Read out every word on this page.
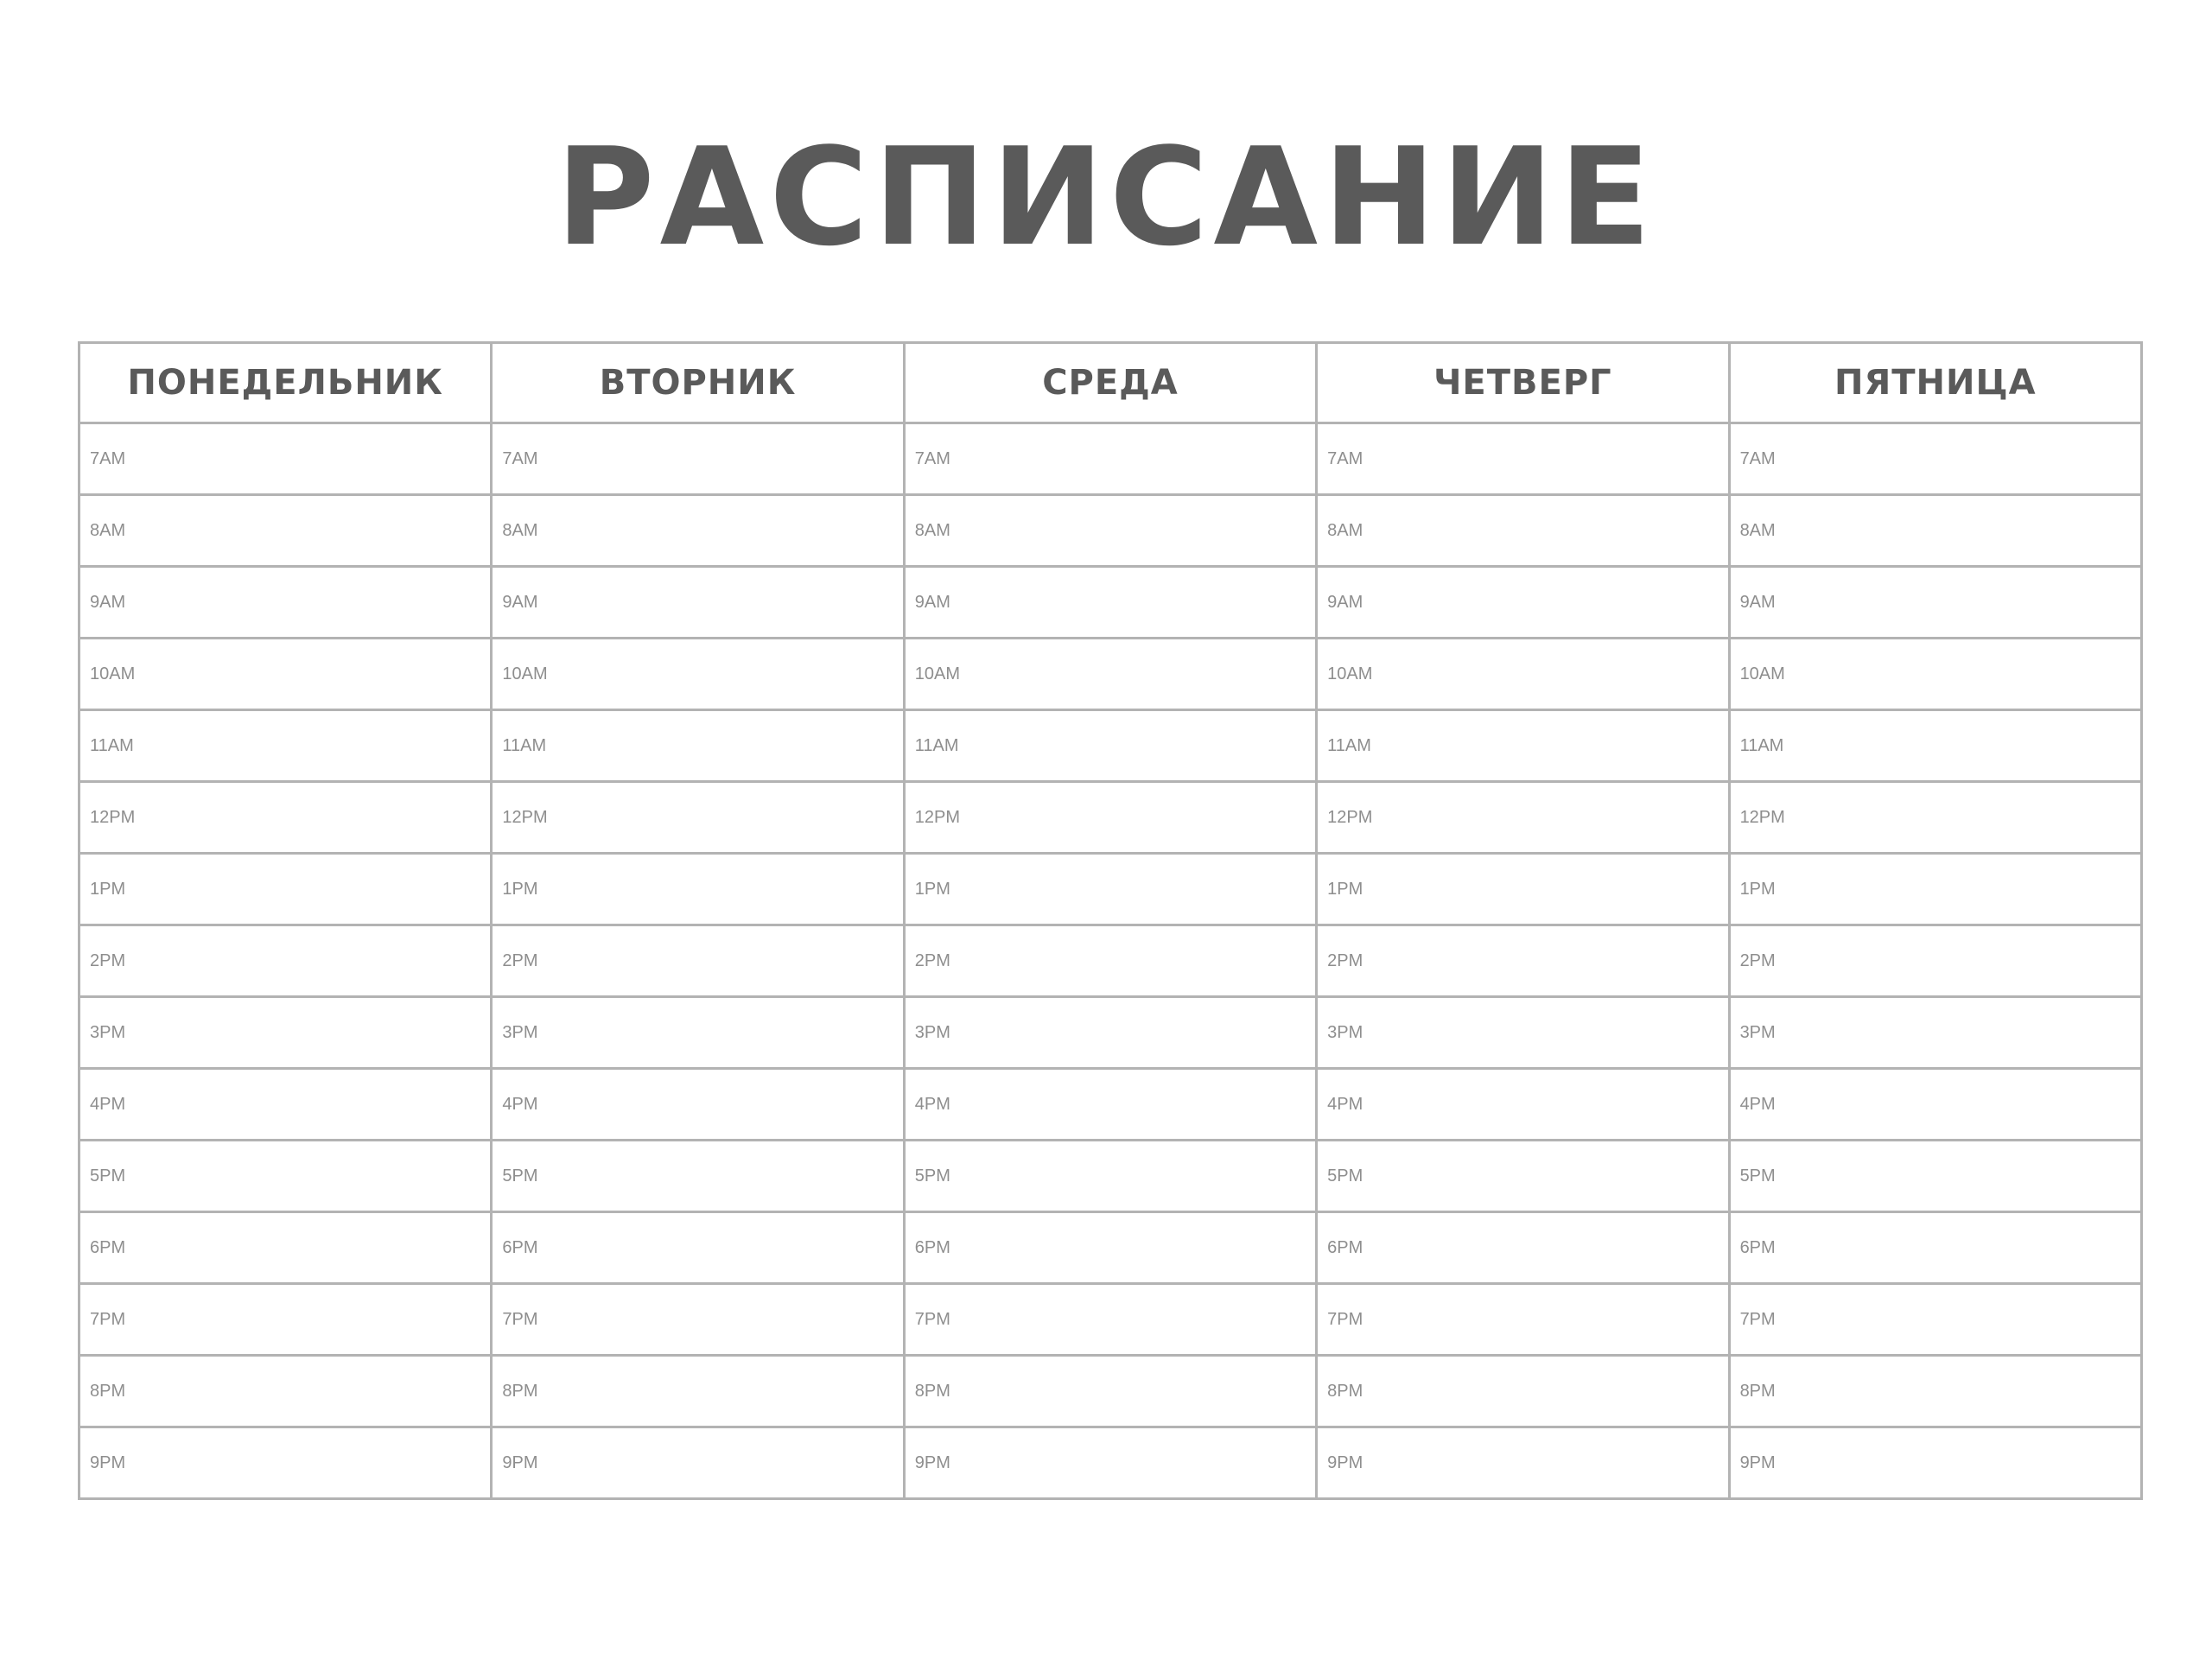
РАСПИСАНИЕ
ПОНЕДЕЛЬНИК	ВТОРНИК	СРЕДА	ЧЕТВЕРГ	ПЯТНИЦА
7AM	7AM	7AM	7AM	7AM
8AM	8AM	8AM	8AM	8AM
9AM	9AM	9AM	9AM	9AM
10AM	10AM	10AM	10AM	10AM
11AM	11AM	11AM	11AM	11AM
12PM	12PM	12PM	12PM	12PM
1PM	1PM	1PM	1PM	1PM
2PM	2PM	2PM	2PM	2PM
3PM	3PM	3PM	3PM	3PM
4PM	4PM	4PM	4PM	4PM
5PM	5PM	5PM	5PM	5PM
6PM	6PM	6PM	6PM	6PM
7PM	7PM	7PM	7PM	7PM
8PM	8PM	8PM	8PM	8PM
9PM	9PM	9PM	9PM	9PM
